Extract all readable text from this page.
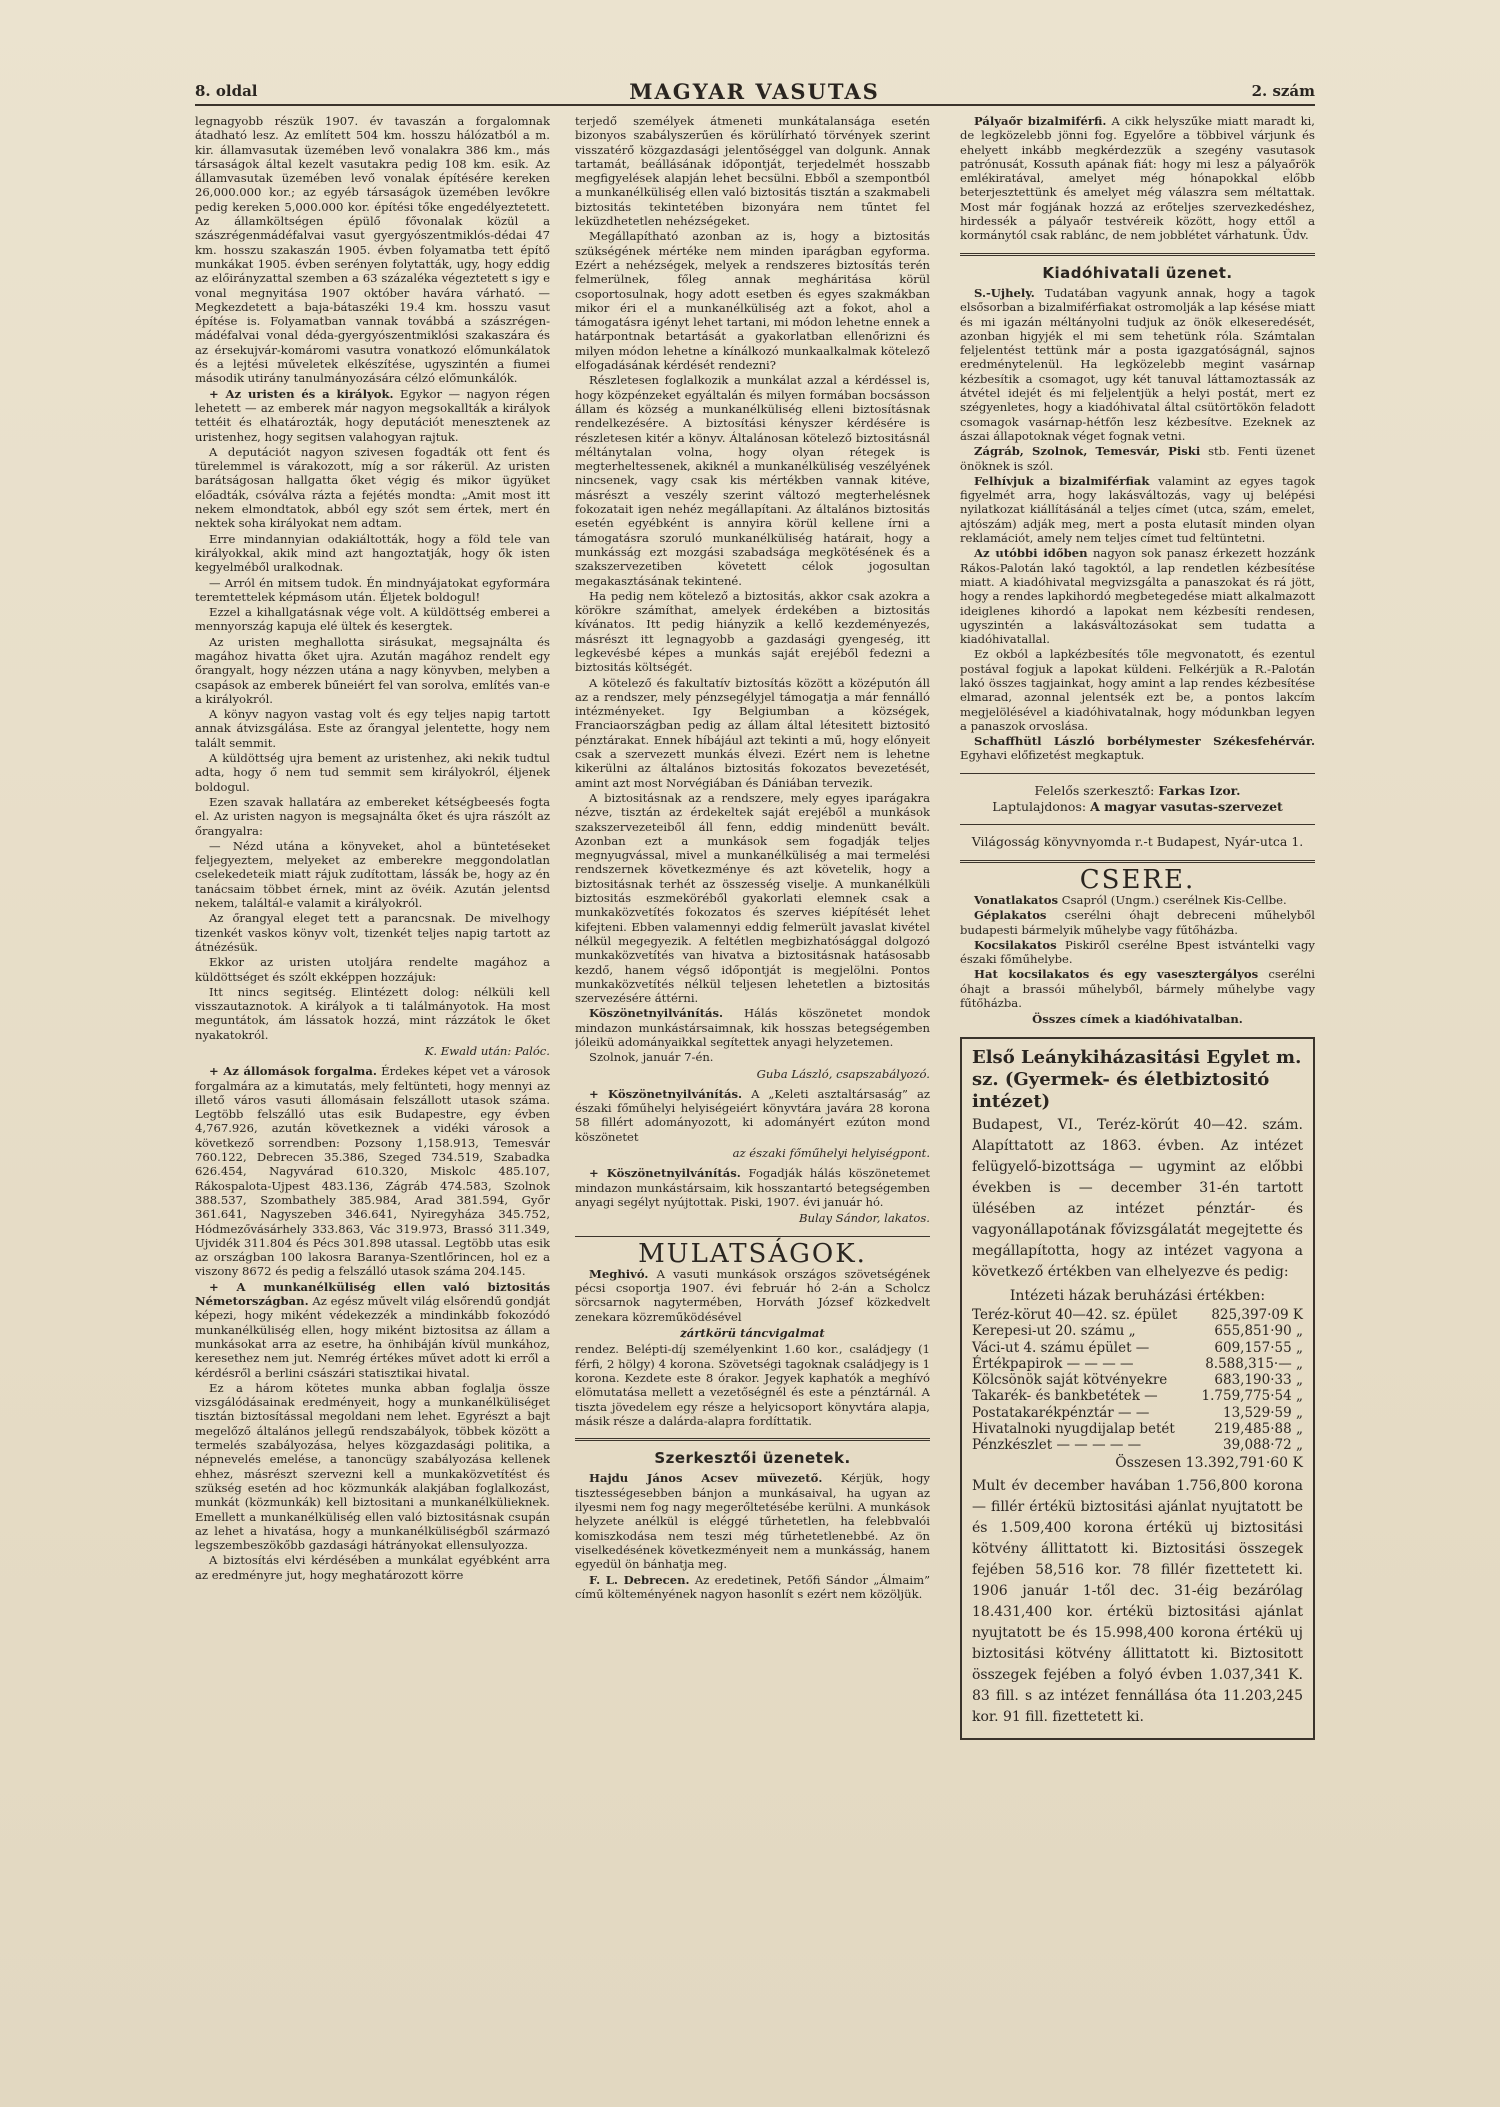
8. oldal	MAGYAR VASUTAS	2. szám

legnagyobb részük 1907. év tavaszán a forgalomnak átadható lesz. Az említett 504 km. hosszu hálózatból a m. kir. államvasutak üzemében levő vonalakra 386 km., más társaságok által kezelt vasutakra pedig 108 km. esik. Az államvasutak üzemében levő vonalak építésére kereken 26,000.000 kor.; az egyéb társaságok üzemében levőkre pedig kereken 5,000.000 kor. építési tőke engedélyeztetett. Az államköltségen épülő fővonalak közül a szászrégenmádéfalvai vasut gyergyószentmiklós-dédai 47 km. hosszu szakaszán 1905. évben folyamatba tett építő munkákat 1905. évben serényen folytatták, ugy, hogy eddig az előirányzattal szemben a 63 százaléka végeztetett s igy e vonal megnyitása 1907 október havára várható. — Megkezdetett a baja-bátaszéki 19.4 km. hosszu vasut építése is. Folyamatban vannak továbbá a szászrégen-mádéfalvai vonal déda-gyergyószentmiklósi szakaszára és az érsekujvár-komáromi vasutra vonatkozó előmunkálatok és a lejtési műveletek elkészítése, ugyszintén a fiumei második utirány tanulmányozására célzó előmunkálók.

+ Az uristen és a királyok. Egykor — nagyon régen lehetett — az emberek már nagyon megsokallták a királyok tettéit és elhatározták, hogy deputációt menesztenek az uristenhez, hogy segitsen valahogyan rajtuk.

A deputációt nagyon szivesen fogadták ott fent és türelemmel is várakozott, míg a sor rákerül. Az uristen barátságosan hallgatta őket végig és mikor ügyüket előadták, csóválva rázta a fejétés mondta: „Amit most itt nekem elmondtatok, abból egy szót sem értek, mert én nektek soha királyokat nem adtam.

Erre mindannyian odakiáltották, hogy a föld tele van királyokkal, akik mind azt hangoztatják, hogy ők isten kegyelméből uralkodnak.

— Arról én mitsem tudok. Én mindnyájatokat egyformára teremtettelek képmásom után. Éljetek boldogul!

Ezzel a kihallgatásnak vége volt. A küldöttség emberei a mennyország kapuja elé ültek és kesergtek.

Az uristen meghallotta sirásukat, megsajnálta és magához hivatta őket ujra. Azután magához rendelt egy őrangyalt, hogy nézzen utána a nagy könyvben, melyben a csapások az emberek bűneiért fel van sorolva, említés van-e a királyokról.

A könyv nagyon vastag volt és egy teljes napig tartott annak átvizsgálása. Este az őrangyal jelentette, hogy nem talált semmit.

A küldöttség ujra bement az uristenhez, aki nekik tudtul adta, hogy ő nem tud semmit sem királyokról, éljenek boldogul.

Ezen szavak hallatára az embereket kétségbeesés fogta el. Az uristen nagyon is megsajnálta őket és ujra rászólt az őrangyalra:

— Nézd utána a könyveket, ahol a büntetéseket feljegyeztem, melyeket az emberekre meggondolatlan cselekedeteik miatt rájuk zudítottam, lássák be, hogy az én tanácsaim többet érnek, mint az övéik. Azután jelentsd nekem, találtál-e valamit a királyokról.

Az őrangyal eleget tett a parancsnak. De mivelhogy tizenkét vaskos könyv volt, tizenkét teljes napig tartott az átnézésük.

Ekkor az uristen utoljára rendelte magához a küldöttséget és szólt ekképpen hozzájuk:

Itt nincs segitség. Elintézett dolog: nélküli kell visszautaznotok. A királyok a ti találmányotok. Ha most meguntátok, ám lássatok hozzá, mint rázzátok le őket nyakatokról.

K. Ewald után: Palóc.

+ Az állomások forgalma. Érdekes képet vet a városok forgalmára az a kimutatás, mely feltünteti, hogy mennyi az illető város vasuti állomásain felszállott utasok száma. Legtöbb felszálló utas esik Budapestre, egy évben 4,767.926, azután következnek a vidéki városok a következő sorrendben: Pozsony 1,158.913, Temesvár 760.122, Debrecen 35.386, Szeged 734.519, Szabadka 626.454, Nagyvárad 610.320, Miskolc 485.107, Rákospalota-Ujpest 483.136, Zágráb 474.583, Szolnok 388.537, Szombathely 385.984, Arad 381.594, Győr 361.641, Nagyszeben 346.641, Nyiregyháza 345.752, Hódmezővásárhely 333.863, Vác 319.973, Brassó 311.349, Ujvidék 311.804 és Pécs 301.898 utassal. Legtöbb utas esik az országban 100 lakosra Baranya-Szentlőrincen, hol ez a viszony 8672 és pedig a felszálló utasok száma 204.145.

+ A munkanélküliség ellen való biztositás Németországban. Az egész művelt világ elsőrendű gondját képezi, hogy miként védekezzék a mindinkább fokozódó munkanélküliség ellen, hogy miként biztositsa az állam a munkásokat arra az esetre, ha önhibáján kívül munkához, keresethez nem jut. Nemrég értékes művet adott ki erről a kérdésről a berlini császári statisztikai hivatal.

Ez a három kötetes munka abban foglalja össze vizsgálódásainak eredményeit, hogy a munkanélküliséget tisztán biztosítással megoldani nem lehet. Egyrészt a bajt megelőző általános jellegű rendszabályok, többek között a termelés szabályozása, helyes közgazdasági politika, a népnevelés emelése, a tanoncügy szabályozása kellenek ehhez, másrészt szervezni kell a munkaközvetítést és szükség esetén ad hoc közmunkák alakjában foglalkozást, munkát (közmunkák) kell biztositani a munkanélkülieknek. Emellett a munkanélküliség ellen való biztositásnak csupán az lehet a hivatása, hogy a munkanélküliségből származó legszembeszökőbb gazdasági hátrányokat ellensulyozza.

A biztosítás elvi kérdésében a munkálat egyébként arra az eredményre jut, hogy meghatározott körre

terjedő személyek átmeneti munkátalansága esetén bizonyos szabályszerűen és körülírható törvények szerint visszatérő közgazdasági jelentőséggel van dolgunk. Annak tartamát, beállásának időpontját, terjedelmét hosszabb megfigyelések alapján lehet becsülni. Ebből a szempontból a munkanélküliség ellen való biztositás tisztán a szakmabeli biztositás tekintetében bizonyára nem tűntet fel leküzdhetetlen nehézségeket.

Megállapítható azonban az is, hogy a biztositás szükségének mértéke nem minden iparágban egyforma. Ezért a nehézségek, melyek a rendszeres biztosítás terén felmerülnek, főleg annak megháritása körül csoportosulnak, hogy adott esetben és egyes szakmákban mikor éri el a munkanélküliség azt a fokot, ahol a támogatásra igényt lehet tartani, mi módon lehetne ennek a határpontnak betartását a gyakorlatban ellenőrizni és milyen módon lehetne a kínálkozó munkaalkalmak kötelező elfogadásának kérdését rendezni?

Részletesen foglalkozik a munkálat azzal a kérdéssel is, hogy közpénzeket egyáltalán és milyen formában bocsásson állam és község a munkanélküliség elleni biztosításnak rendelkezésére. A biztosítási kényszer kérdésére is részletesen kitér a könyv. Általánosan kötelező biztositásnál méltánytalan volna, hogy olyan rétegek is megterheltessenek, akiknél a munkanélküliség veszélyének nincsenek, vagy csak kis mértékben vannak kitéve, másrészt a veszély szerint változó megterhelésnek fokozatait igen nehéz megállapítani. Az általános biztositás esetén egyébként is annyira körül kellene írni a támogatásra szoruló munkanélküliség határait, hogy a munkásság ezt mozgási szabadsága megkötésének és a szakszervezetiben követett célok jogosultan megakasztásának tekintené.

Ha pedig nem kötelező a biztositás, akkor csak azokra a körökre számíthat, amelyek érdekében a biztositás kívánatos. Itt pedig hiányzik a kellő kezdeményezés, másrészt itt legnagyobb a gazdasági gyengeség, itt legkevésbé képes a munkás saját erejéből fedezni a biztositás költségét.

A kötelező és fakultatív biztosítás között a középutón áll az a rendszer, mely pénzsegélyjel támogatja a már fennálló intézményeket. Igy Belgiumban a községek, Franciaországban pedig az állam által létesitett biztositó pénztárakat. Ennek híbájául azt tekinti a mű, hogy előnyeit csak a szervezett munkás élvezi. Ezért nem is lehetne kikerülni az általános biztositás fokozatos bevezetését, amint azt most Norvégiában és Dániában tervezik.

A biztositásnak az a rendszere, mely egyes iparágakra nézve, tisztán az érdekeltek saját erejéből a munkások szakszervezeteiből áll fenn, eddig mindenütt bevált. Azonban ezt a munkások sem fogadják teljes megnyugvással, mivel a munkanélküliség a mai termelési rendszernek következménye és azt követelik, hogy a biztositásnak terhét az összesség viselje. A munkanélküli biztositás eszmeköréből gyakorlati elemnek csak a munkaközvetítés fokozatos és szerves kiépítését lehet kifejteni. Ebben valamennyi eddig felmerült javaslat kivétel nélkül megegyezik. A feltétlen megbizhatósággal dolgozó munkaközvetítés van hivatva a biztositásnak hatásosabb kezdő, hanem végső időpontját is megjelölni. Pontos munkaközvetítés nélkül teljesen lehetetlen a biztositás szervezésére áttérni.

Köszönetnyilvánítás. Hálás köszönetet mondok mindazon munkástársaimnak, kik hosszas betegségemben jóleikü adományaikkal segítettek anyagi helyzetemen.

Szolnok, január 7-én.

Guba László, csapszabályozó.

+ Köszönetnyilvánítás. A „Keleti asztaltársaság” az északi főműhelyi helyiségeiért könyvtára javára 28 korona 58 fillért adományozott, ki adományért ezúton mond köszönetet

az északi főműhelyi helyiségpont.

+ Köszönetnyilvánítás. Fogadják hálás köszönetemet mindazon munkástársaim, kik hosszantartó betegségemben anyagi segélyt nyújtottak. Piski, 1907. évi január hó.

Bulay Sándor, lakatos.
MULATSÁGOK.

Meghivó. A vasuti munkások országos szövetségének pécsi csoportja 1907. évi február hó 2-án a Scholcz sörcsarnok nagytermében, Horváth József közkedvelt zenekara közreműködésével

zártkörü táncvigalmat

rendez. Belépti-díj személyenkint 1.60 kor., családjegy (1 férfi, 2 hölgy) 4 korona. Szövetségi tagoknak családjegy is 1 korona. Kezdete este 8 órakor. Jegyek kaphatók a meghívó elömutatása mellett a vezetőségnél és este a pénztárnál. A tiszta jövedelem egy része a helyicsoport könyvtára alapja, másik része a dalárda-alapra fordíttatik.

Szerkesztői üzenetek.

Hajdu János Acsev müvezető. Kérjük, hogy tisztességesebben bánjon a munkásaival, ha ugyan az ilyesmi nem fog nagy megerőltetésébe kerülni. A munkások helyzete anélkül is eléggé tűrhetetlen, ha felebbvalói komiszkodása nem teszi még tűrhetetlenebbé. Az ön viselkedésének következményeit nem a munkásság, hanem egyedül ön bánhatja meg.

F. L. Debrecen. Az eredetinek, Petőfi Sándor „Álmaim” című költeményének nagyon hasonlít s ezért nem közöljük.

Pályaőr bizalmiférfi. A cikk helyszűke miatt maradt ki, de legközelebb jönni fog. Egyelőre a többivel várjunk és ehelyett inkább megkérdezzük a szegény vasutasok patrónusát, Kossuth apának fiát: hogy mi lesz a pályaőrök emlékiratával, amelyet még hónapokkal előbb beterjesztettünk és amelyet még válaszra sem méltattak. Most már fogjának hozzá az erőteljes szervezkedéshez, hirdessék a pályaőr testvéreik között, hogy ettől a kormánytól csak rablánc, de nem jobblétet várhatunk. Üdv.

Kiadóhivatali üzenet.

S.-Ujhely. Tudatában vagyunk annak, hogy a tagok elsősorban a bizalmiférfiakat ostromolják a lap késése miatt és mi igazán méltányolni tudjuk az önök elkeseredését, azonban higyjék el mi sem tehetünk róla. Számtalan feljelentést tettünk már a posta igazgatóságnál, sajnos eredménytelenül. Ha legközelebb megint vasárnap kézbesítik a csomagot, ugy két tanuval láttamoztassák az átvétel idejét és mi feljelentjük a helyi postát, mert ez szégyenletes, hogy a kiadóhivatal által csütörtökön feladott csomagok vasárnap-hétfőn lesz kézbesítve. Ezeknek az ászai állapotoknak véget fognak vetni.

Zágráb, Szolnok, Temesvár, Piski stb. Fenti üzenet önöknek is szól.

Felhívjuk a bizalmiférfiak valamint az egyes tagok figyelmét arra, hogy lakásváltozás, vagy uj belépési nyilatkozat kiállításánál a teljes címet (utca, szám, emelet, ajtószám) adják meg, mert a posta elutasít minden olyan reklamációt, amely nem teljes címet tud feltüntetni.

Az utóbbi időben nagyon sok panasz érkezett hozzánk Rákos-Palotán lakó tagoktól, a lap rendetlen kézbesítése miatt. A kiadóhivatal megvizsgálta a panaszokat és rá jött, hogy a rendes lapkihordó megbetegedése miatt alkalmazott ideiglenes kihordó a lapokat nem kézbesíti rendesen, ugyszintén a lakásváltozásokat sem tudatta a kiadóhivatallal.

Ez okból a lapkézbesítés tőle megvonatott, és ezentul postával fogjuk a lapokat küldeni. Felkérjük a R.-Palotán lakó összes tagjainkat, hogy amint a lap rendes kézbesítése elmarad, azonnal jelentsék ezt be, a pontos lakcím megjelölésével a kiadóhivatalnak, hogy módunkban legyen a panaszok orvoslása.

Schaffhütl László borbélymester Székesfehérvár. Egyhavi előfizetést megkaptuk.

Felelős szerkesztő: Farkas Izor.
Laptulajdonos: A magyar vasutas-szervezet
Világosság könyvnyomda r.-t Budapest, Nyár-utca 1.
CSERE.

Vonatlakatos Csapról (Ungm.) cserélnek Kis-Cellbe.

Géplakatos cserélni óhajt debreceni műhelyből budapesti bármelyik műhelybe vagy fűtőházba.

Kocsilakatos Piskiről cserélne Bpest istvántelki vagy északi főműhelybe.

Hat kocsilakatos és egy vasesztergályos cserélni óhajt a brassói műhelyből, bármely műhelybe vagy fűtőházba.

Összes címek a kiadóhivatalban.
Első Leánykiházasitási Egylet m. sz. (Gyermek- és életbiztositó intézet)
Budapest, VI., Teréz-körút 40—42. szám. Alapíttatott az 1863. évben. Az intézet felügyelő-bizottsága — ugymint az előbbi években is — december 31-én tartott ülésében az intézet pénztár- és vagyonállapotának fővizsgálatát megejtette és megállapította, hogy az intézet vagyona a következő értékben van elhelyezve és pedig:
Intézeti házak beruházási értékben:
Teréz-körut 40—42. sz. épület	825,397·09 K
Kerepesi-ut 20. számu „	655,851·90 „
Váci-ut 4. számu épület —	609,157·55 „
Értékpapirok — — — —	8.588,315·— „
Kölcsönök saját kötvényekre	683,190·33 „
Takarék- és bankbetétek —	1.759,775·54 „
Postatakarékpénztár — —	13,529·59 „
Hivatalnoki nyugdijalap betét	219,485·88 „
Pénzkészlet — — — — —	39,088·72 „
Összesen 13.392,791·60 K
Mult év december havában 1.756,800 korona — fillér értékü biztositási ajánlat nyujtatott be és 1.509,400 korona értékü uj biztositási kötvény állittatott ki. Biztositási összegek fejében 58,516 kor. 78 fillér fizettetett ki. 1906 január 1-től dec. 31-éig bezárólag 18.431,400 kor. értékü biztositási ajánlat nyujtatott be és 15.998,400 korona értékü uj biztositási kötvény állittatott ki. Biztositott összegek fejében a folyó évben 1.037,341 K. 83 fill. s az intézet fennállása óta 11.203,245 kor. 91 fill. fizettetett ki.
